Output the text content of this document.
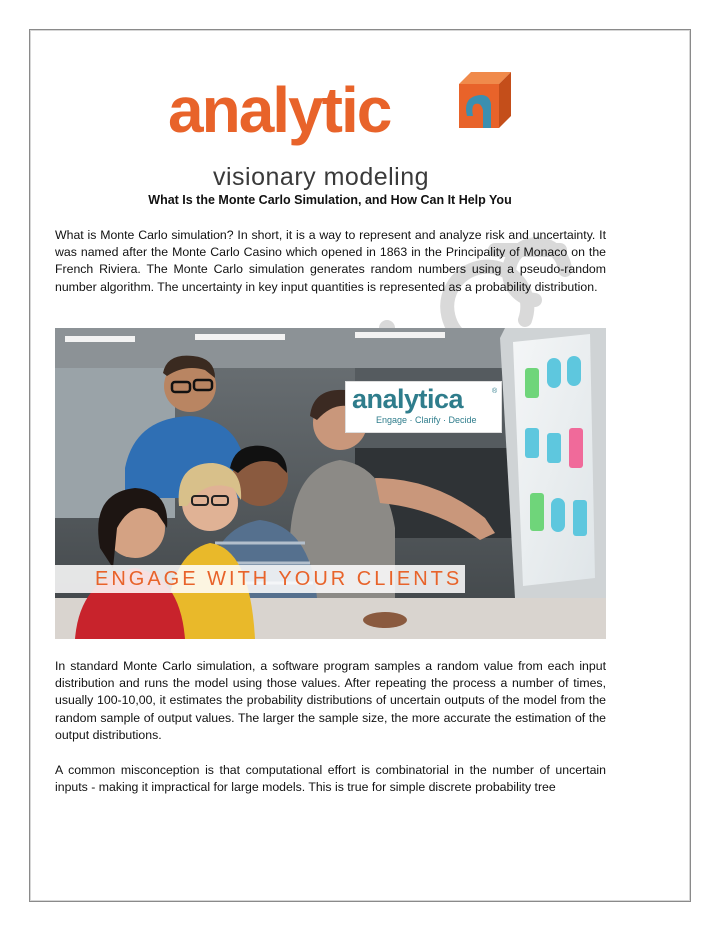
analytic
visionary modeling
What Is the Monte Carlo Simulation, and How Can It Help You

What is Monte Carlo simulation? In short, it is a way to represent and analyze risk and uncertainty. It was named after the Monte Carlo Casino which opened in 1863 in the Principality of Monaco on the French Riviera. The Monte Carlo simulation generates random numbers using a pseudo-random number algorithm. The uncertainty in key input quantities is represented as a probability distribution.

analytica	®
Engage · Clarify · Decide
ENGAGE WITH YOUR CLIENTS

In standard Monte Carlo simulation, a software program samples a random value from each input distribution and runs the model using those values. After repeating the process a number of times, usually 100-10,00, it estimates the probability distributions of uncertain outputs of the model from the random sample of output values. The larger the sample size, the more accurate the estimation of the output distributions.

A common misconception is that computational effort is combinatorial in the number of uncertain inputs - making it impractical for large models. This is true for simple discrete probability tree
